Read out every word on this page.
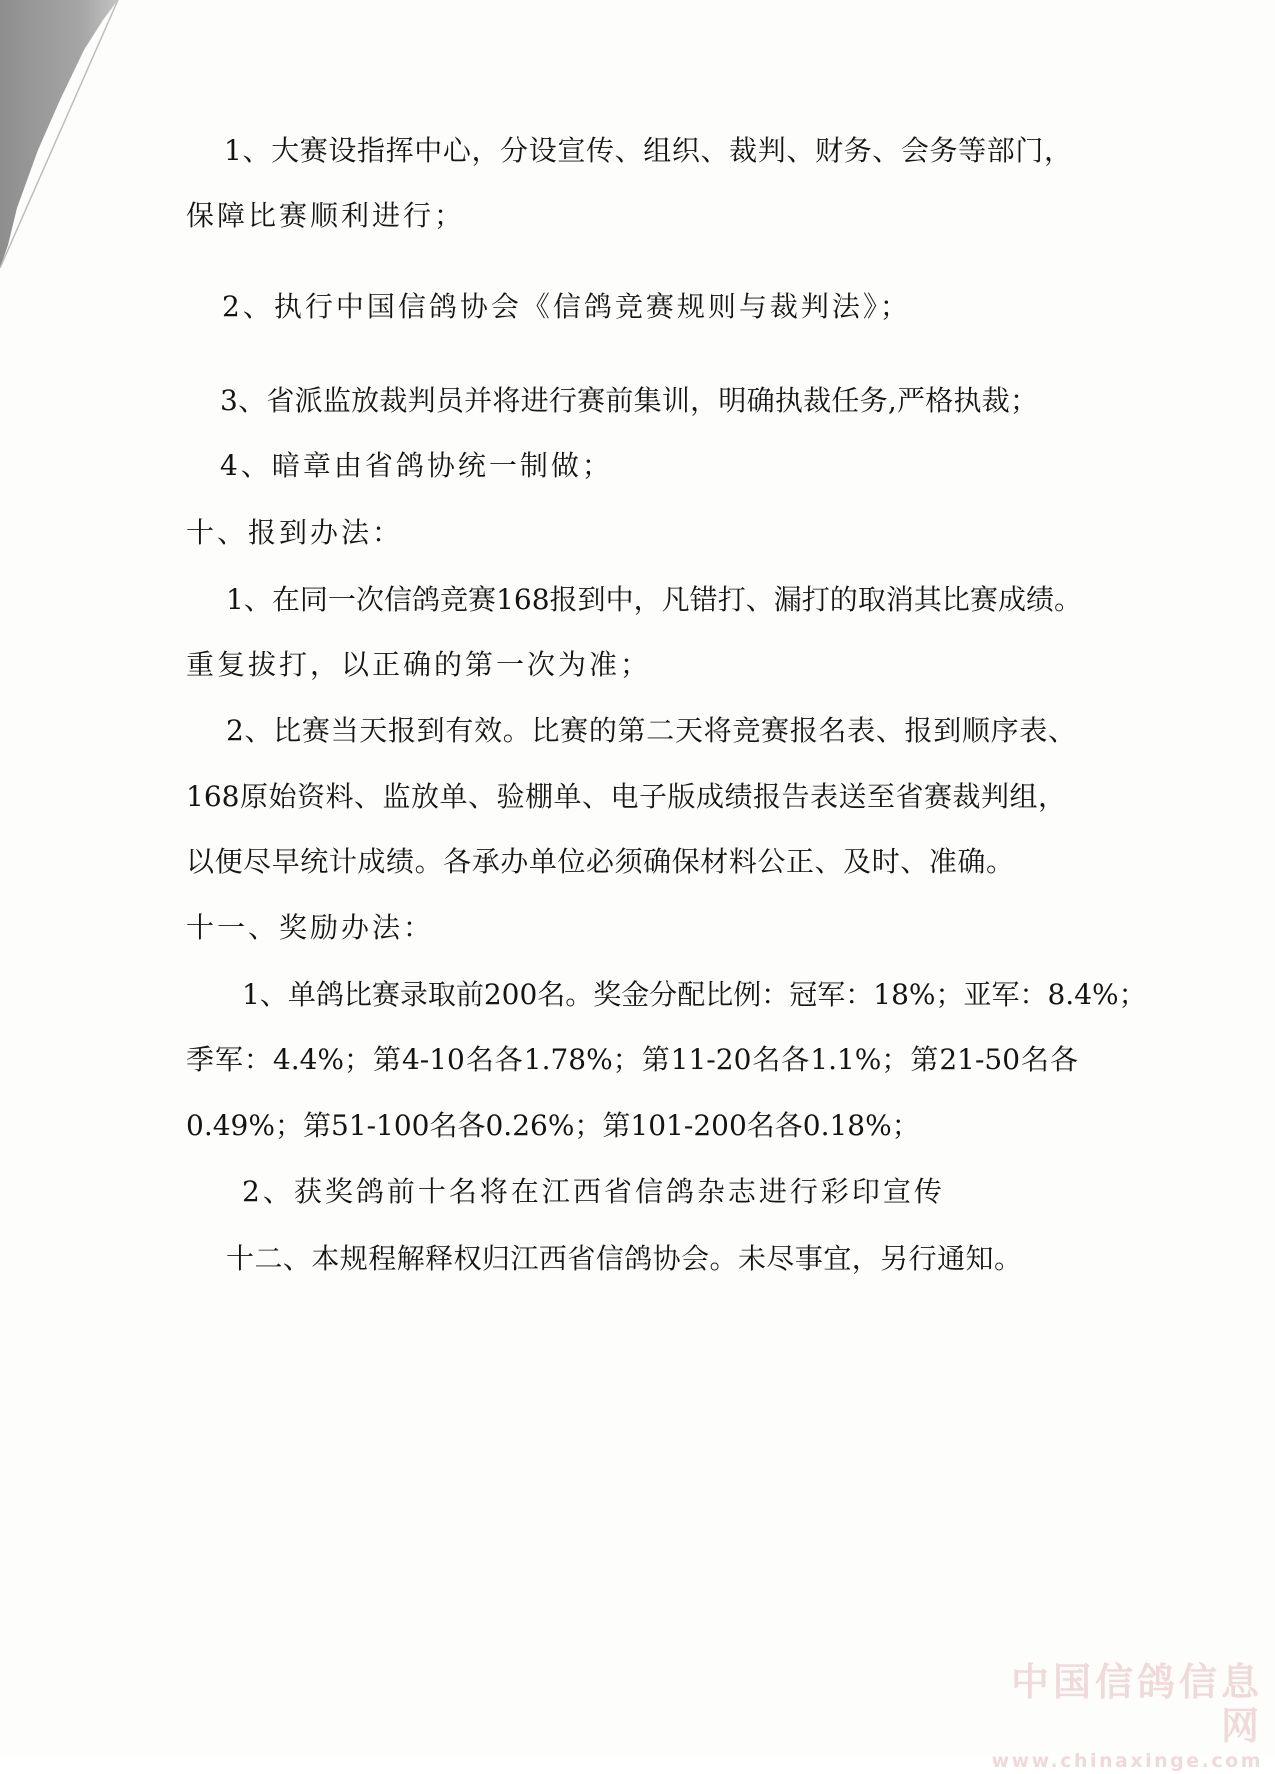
1、大赛设指挥中心，分设宣传、组织、裁判、财务、会务等部门，
保障比赛顺利进行；
2、执行中国信鸽协会《信鸽竞赛规则与裁判法》；
3、省派监放裁判员并将进行赛前集训，明确执裁任务,严格执裁；
4、暗章由省鸽协统一制做；
十、报到办法：
1、在同一次信鸽竞赛168报到中，凡错打、漏打的取消其比赛成绩。
重复拔打，以正确的第一次为准；
2、比赛当天报到有效。比赛的第二天将竞赛报名表、报到顺序表、
168原始资料、监放单、验棚单、电子版成绩报告表送至省赛裁判组，
以便尽早统计成绩。各承办单位必须确保材料公正、及时、准确。
十一、奖励办法：
1、单鸽比赛录取前200名。奖金分配比例：冠军：18%；亚军：8.4%；
季军：4.4%；第4-10名各1.78%；第11-20名各1.1%；第21-50名各
0.49%；第51-100名各0.26%；第101-200名各0.18%；
2、获奖鸽前十名将在江西省信鸽杂志进行彩印宣传
十二、本规程解释权归江西省信鸽协会。未尽事宜，另行通知。
中国信鸽信息网
www.chinaxinge.com
